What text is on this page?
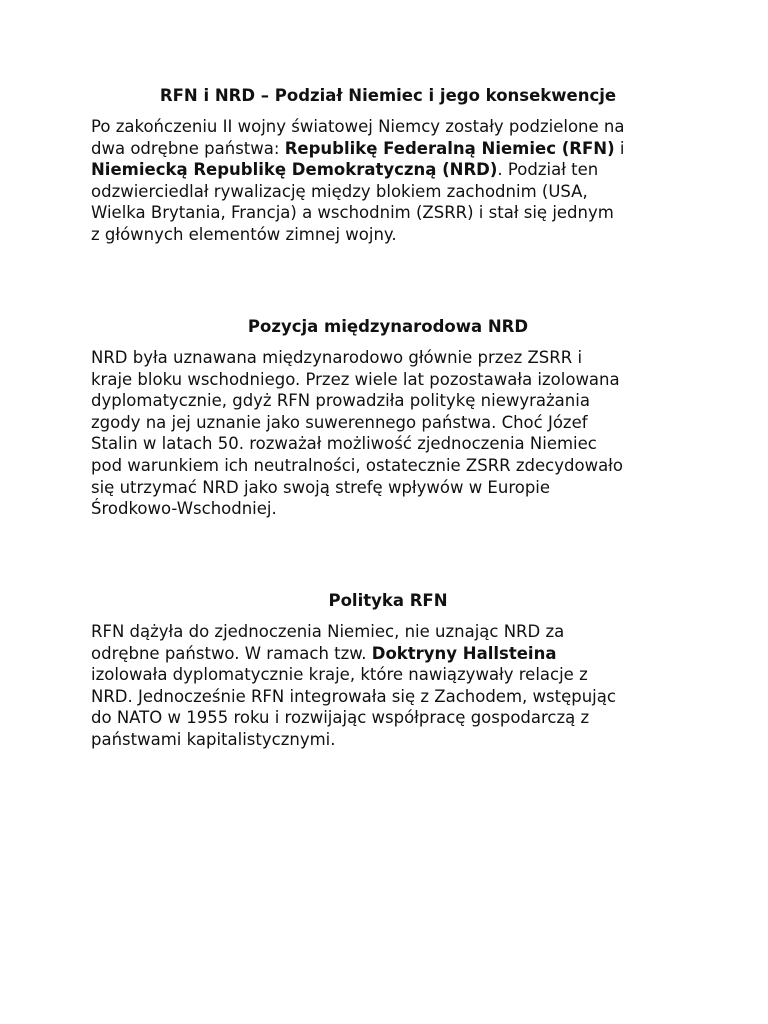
RFN i NRD – Podział Niemiec i jego konsekwencje
Po zakończeniu II wojny światowej Niemcy zostały podzielone na
dwa odrębne państwa: Republikę Federalną Niemiec (RFN) i
Niemiecką Republikę Demokratyczną (NRD). Podział ten
odzwierciedlał rywalizację między blokiem zachodnim (USA,
Wielka Brytania, Francja) a wschodnim (ZSRR) i stał się jednym
z głównych elementów zimnej wojny.
Pozycja międzynarodowa NRD
NRD była uznawana międzynarodowo głównie przez ZSRR i
kraje bloku wschodniego. Przez wiele lat pozostawała izolowana
dyplomatycznie, gdyż RFN prowadziła politykę niewyrażania
zgody na jej uznanie jako suwerennego państwa. Choć Józef
Stalin w latach 50. rozważał możliwość zjednoczenia Niemiec
pod warunkiem ich neutralności, ostatecznie ZSRR zdecydowało
się utrzymać NRD jako swoją strefę wpływów w Europie
Środkowo-Wschodniej.
Polityka RFN
RFN dążyła do zjednoczenia Niemiec, nie uznając NRD za
odrębne państwo. W ramach tzw. Doktryny Hallsteina
izolowała dyplomatycznie kraje, które nawiązywały relacje z
NRD. Jednocześnie RFN integrowała się z Zachodem, wstępując
do NATO w 1955 roku i rozwijając współpracę gospodarczą z
państwami kapitalistycznymi.
